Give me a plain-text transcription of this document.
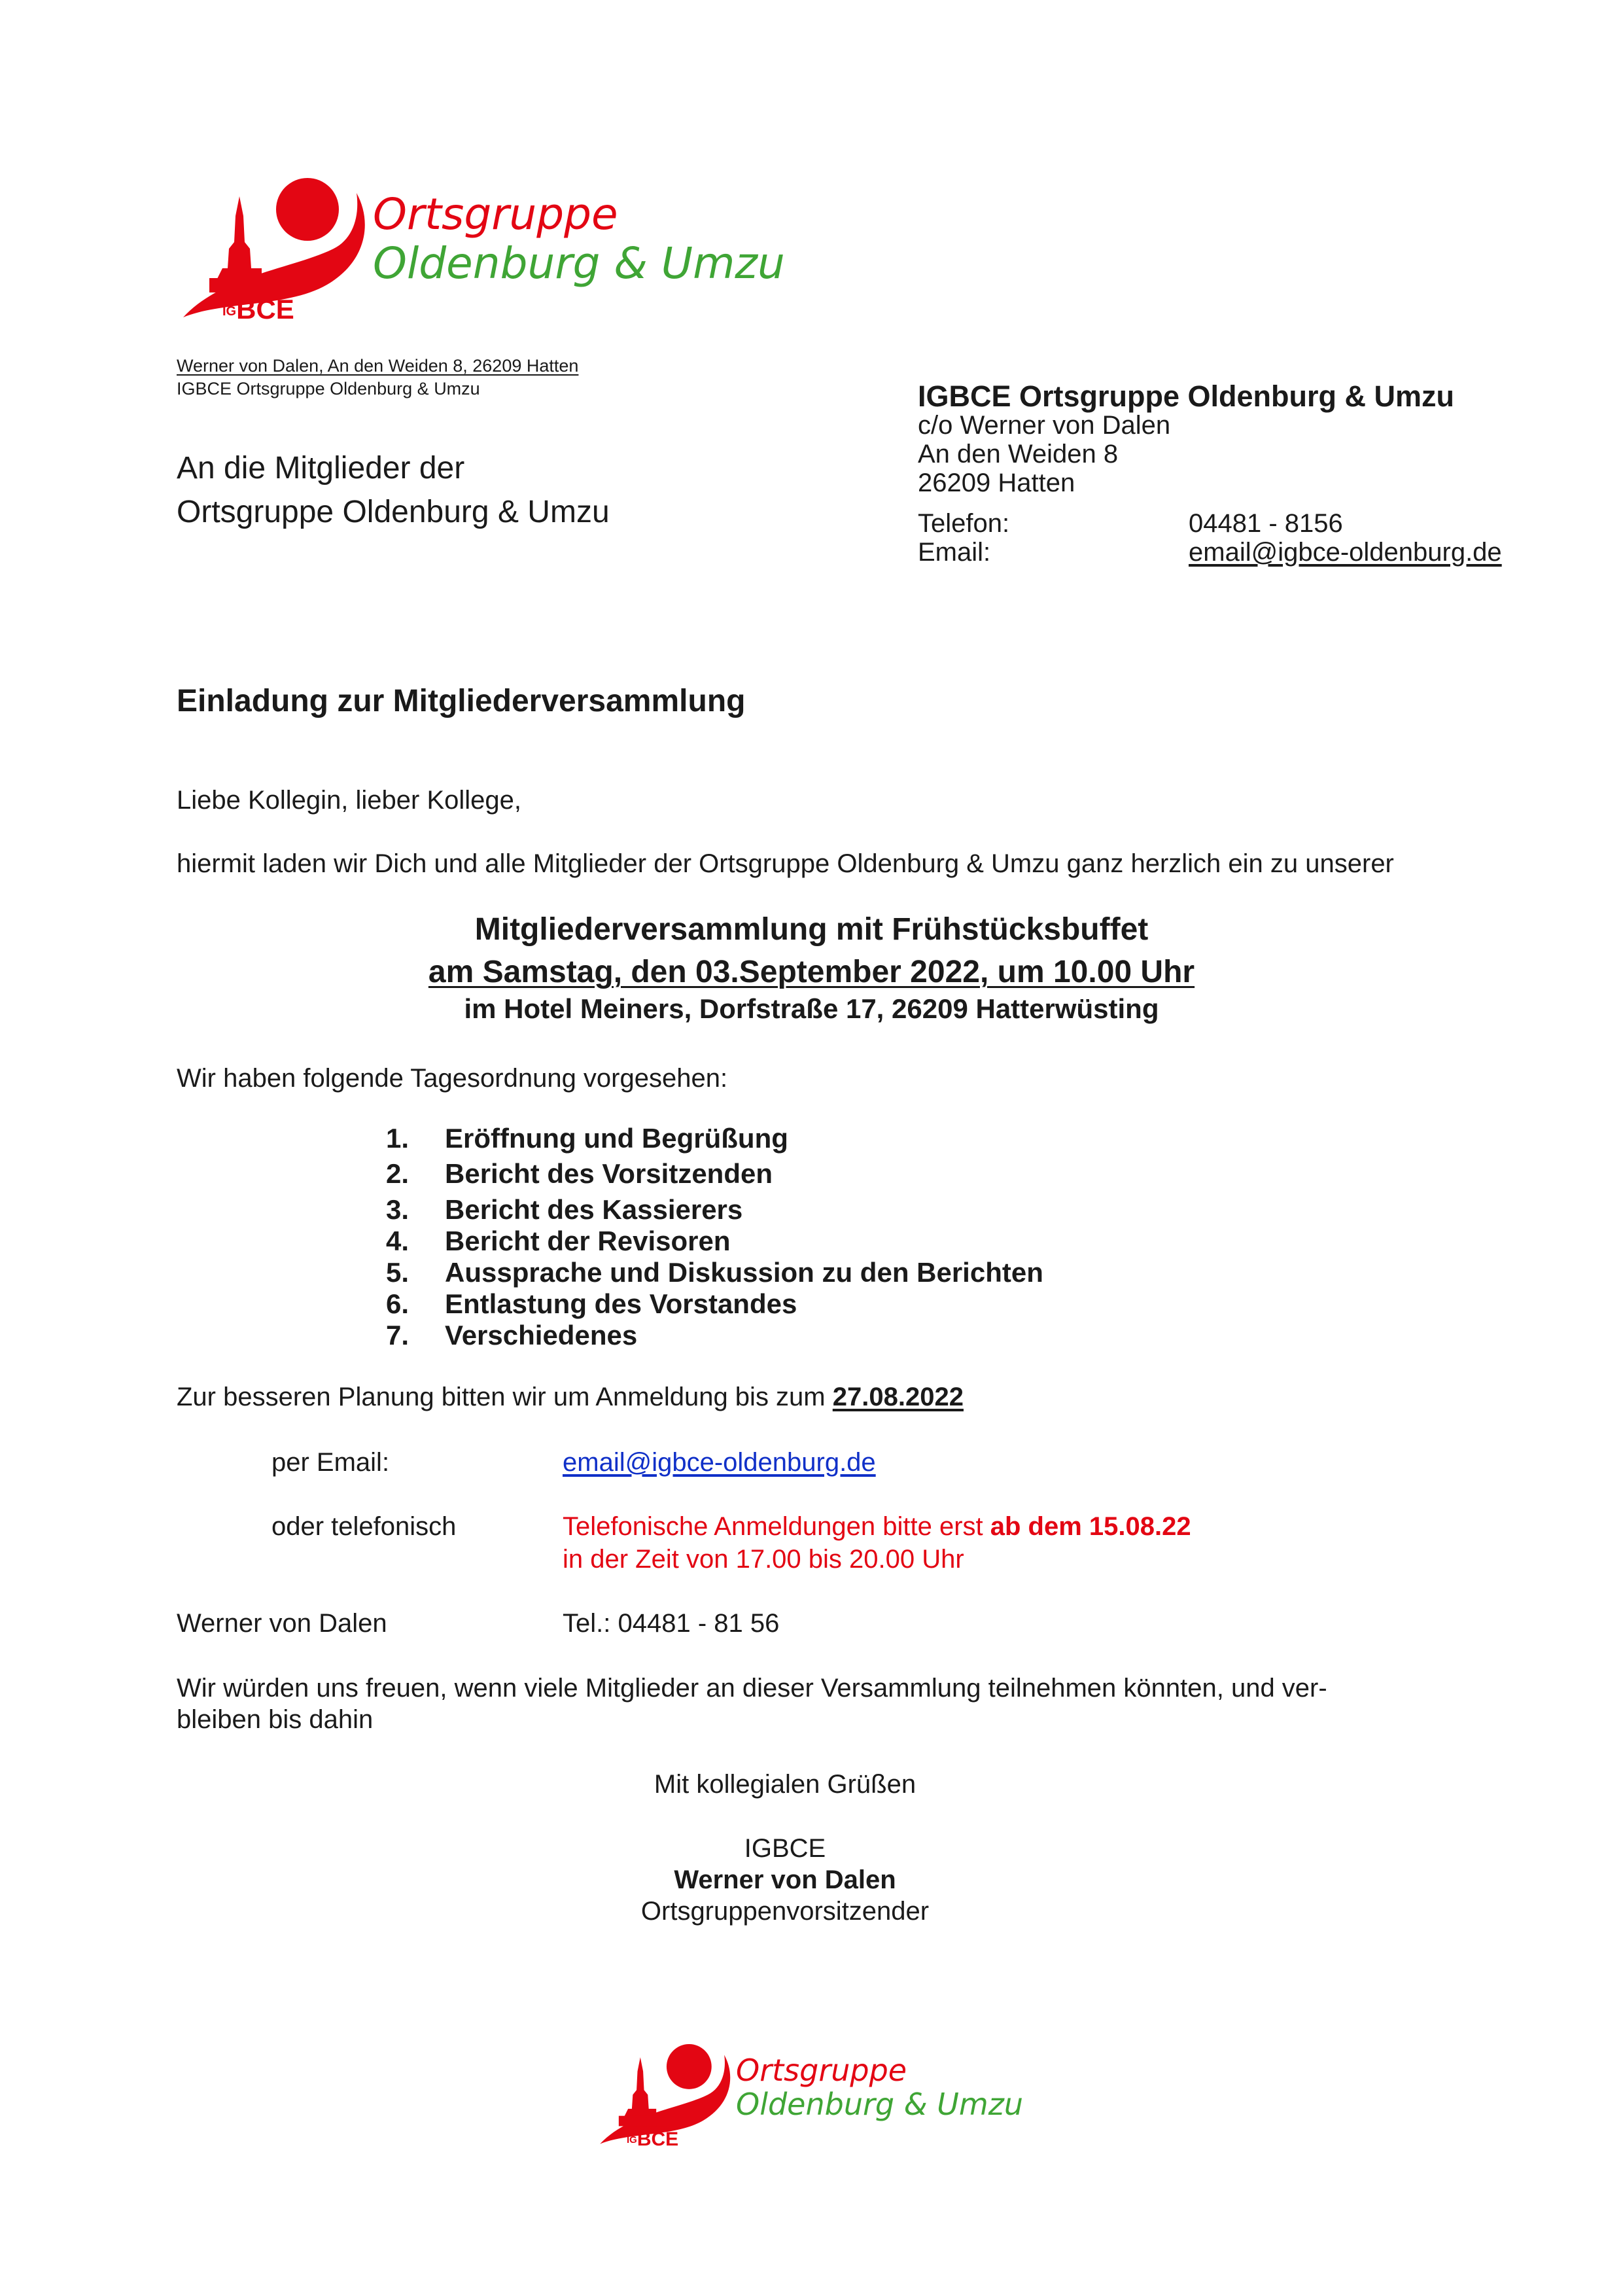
Ortsgruppe
Oldenburg & Umzu
IGBCE
Werner von Dalen, An den Weiden 8, 26209 Hatten
IGBCE Ortsgruppe Oldenburg & Umzu
An die Mitglieder der
Ortsgruppe Oldenburg & Umzu
IGBCE Ortsgruppe Oldenburg & Umzu
c/o Werner von Dalen
An den Weiden 8
26209 Hatten
Telefon:	04481 - 8156
Email:	email@igbce-oldenburg.de
Einladung zur Mitgliederversammlung
Liebe Kollegin, lieber Kollege,
hiermit laden wir Dich und alle Mitglieder der Ortsgruppe Oldenburg & Umzu ganz herzlich ein zu unserer
Mitgliederversammlung mit Frühstücksbuffet
am Samstag, den 03.September 2022, um 10.00 Uhr
im Hotel Meiners, Dorfstraße 17, 26209 Hatterwüsting
Wir haben folgende Tagesordnung vorgesehen:
1. Eröffnung und Begrüßung
2. Bericht des Vorsitzenden
3. Bericht des Kassierers
4. Bericht der Revisoren
5. Aussprache und Diskussion zu den Berichten
6. Entlastung des Vorstandes
7. Verschiedenes
Zur besseren Planung bitten wir um Anmeldung bis zum 27.08.2022
per Email:	email@igbce-oldenburg.de
oder telefonisch	Telefonische Anmeldungen bitte erst ab dem 15.08.22
in der Zeit von 17.00 bis 20.00 Uhr
Werner von Dalen	Tel.: 04481 - 81 56
Wir würden uns freuen, wenn viele Mitglieder an dieser Versammlung teilnehmen könnten, und ver-
bleiben bis dahin
Mit kollegialen Grüßen
IGBCE
Werner von Dalen
Ortsgruppenvorsitzender
Ortsgruppe
Oldenburg & Umzu
IGBCE
